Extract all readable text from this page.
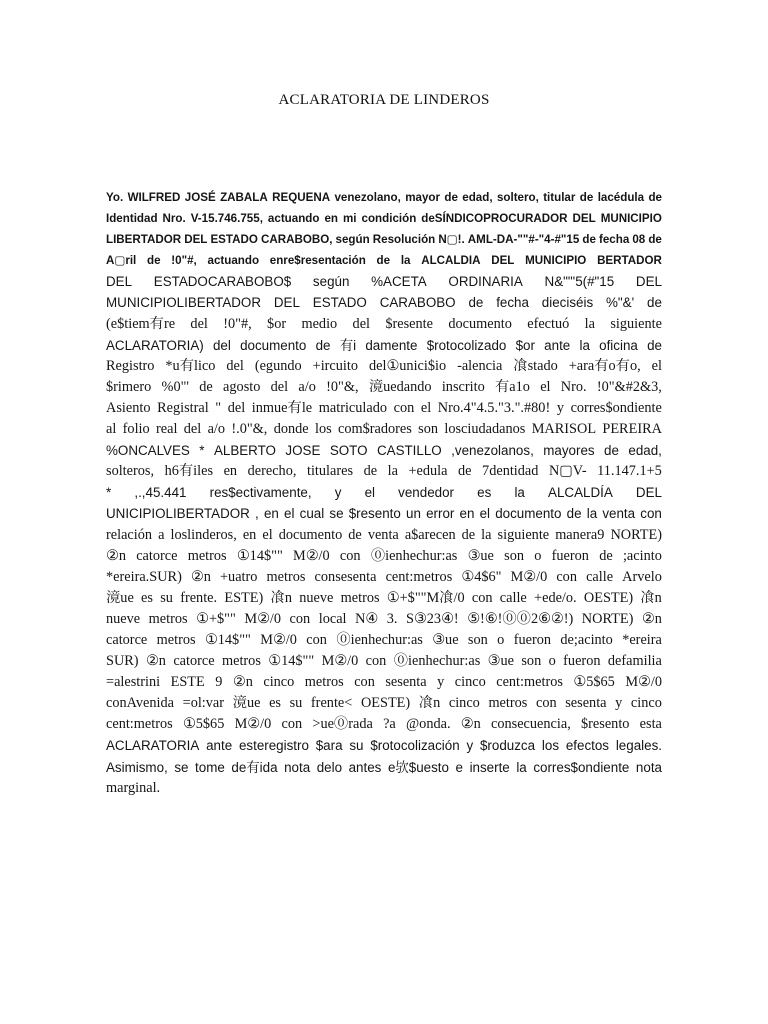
ACLARATORIA DE LINDEROS
Yo. WILFRED JOSÉ ZABALA REQUENA venezolano, mayor de edad, soltero, titular de lacédula de
Identidad Nro. V-15.746.755, actuando en mi condición deSÍNDICOPROCURADOR DEL MUNICIPIO
LIBERTADOR DEL ESTADO CARABOBO, según Resolución N▢!. AML-DA-""#-"4-#"15 de fecha 08 de
A▢ril de !0"#, actuando enre$resentación de la ALCALDIA DEL MUNICIPIO BERTADOR
DEL ESTADOCARABOBO$ según %ACETA ORDINARIA N&""'5(#"15 DEL
MUNICIPIOLIBERTADOR DEL ESTADO CARABOBO de fecha dieciséis %"&' de
(e$tiem有re del !0"#, $or medio del $resente documento efectuó la siguiente
ACLARATORIA) del documento de 有i damente $rotocolizado $or ante la oficina de
Registro *u有lico del (egundo +ircuito del①unici$io -alencia 飡stado +ara有o有o, el
$rimero %0"' de agosto del a/o !0"&, 滰uedando inscrito 有a1o el Nro. !0"&#2&3,
Asiento Registral " del inmue有le matriculado con el Nro.4"4.5."3.".#80! y corres$ondiente
al folio real del a/o !.0"&, donde los com$radores son losciudadanos MARISOL PEREIRA
%ONCALVES * ALBERTO JOSE SOTO CASTILLO ,venezolanos, mayores de edad,
solteros, h6有iles en derecho, titulares de la +edula de 7dentidad N▢V- 11.147.1+5
* ,.,45.441 res$ectivamente, y el vendedor es la ALCALDÍA DEL
UNICIPIOLIBERTADOR , en el cual se $resento un error en el documento de la venta con
relación a loslinderos, en el documento de venta a$arecen de la siguiente manera9 NORTE)
②n catorce metros ①14$"" M②/0 con ⓪ienhechur:as ③ue son o fueron de ;acinto
*ereira.SUR) ②n +uatro metros consesenta cent:metros ①4$6" M②/0 con calle Arvelo
滰ue es su frente. ESTE) 飡n nueve metros ①+$""M飡/0 con calle +ede/o. OESTE) 飡n
nueve metros ①+$"" M②/0 con local N④ 3. S③23④! ⑤!⑥!⓪⓪2⑥②!) NORTE) ②n
catorce metros ①14$"" M②/0 con ⓪ienhechur:as ③ue son o fueron de;acinto *ereira
SUR) ②n catorce metros ①14$"" M②/0 con ⓪ienhechur:as ③ue son o fueron defamilia
=alestrini ESTE 9 ②n cinco metros con sesenta y cinco cent:metros ①5$65 M②/0
conAvenida =ol:var 滰ue es su frente< OESTE) 飡n cinco metros con sesenta y cinco
cent:metros ①5$65 M②/0 con >ue⓪rada ?a @onda. ②n consecuencia, $resento esta
ACLARATORIA ante esteregistro $ara su $rotocolización y $roduzca los efectos legales.
Asimismo, se tome de有ida nota delo antes e欤$uesto e inserte la corres$ondiente nota
marginal.
